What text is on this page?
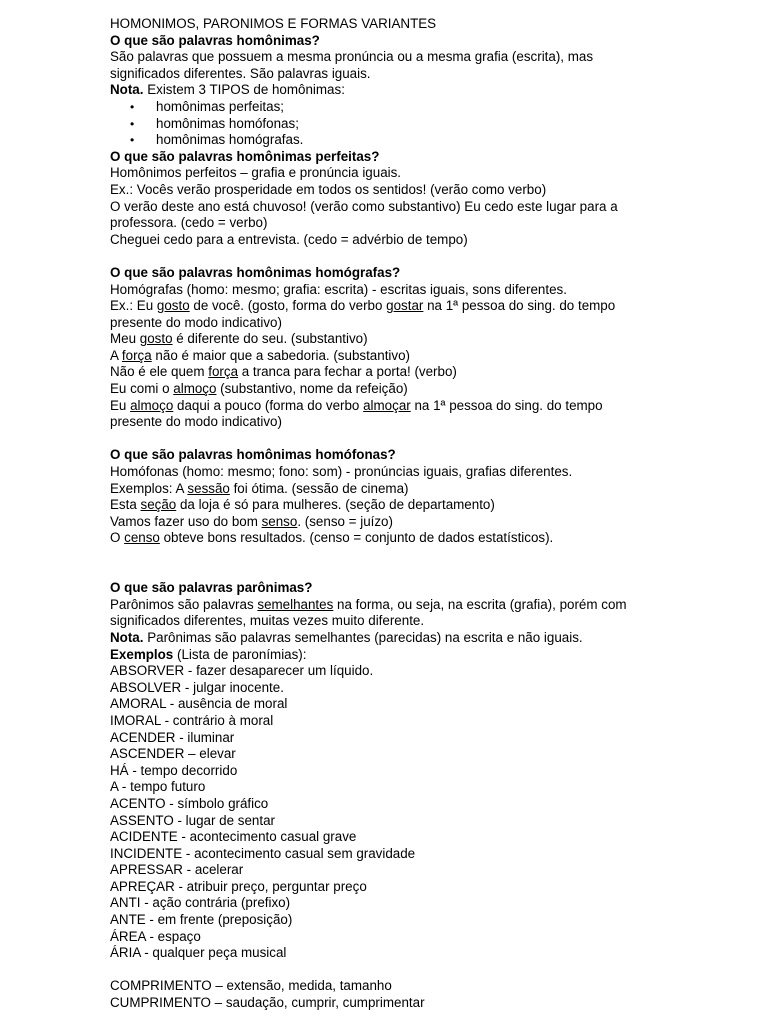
HOMONIMOS, PARONIMOS E FORMAS VARIANTES
O que são palavras homônimas?
São palavras que possuem a mesma pronúncia ou a mesma grafia (escrita), mas
significados diferentes. São palavras iguais.
Nota. Existem 3 TIPOS de homônimas:
• homônimas perfeitas;
• homônimas homófonas;
• homônimas homógrafas.
O que são palavras homônimas perfeitas?
Homônimos perfeitos – grafia e pronúncia iguais.
Ex.: Vocês verão prosperidade em todos os sentidos! (verão como verbo)
O verão deste ano está chuvoso! (verão como substantivo) Eu cedo este lugar para a
professora. (cedo = verbo)
Cheguei cedo para a entrevista. (cedo = advérbio de tempo)
O que são palavras homônimas homógrafas?
Homógrafas (homo: mesmo; grafia: escrita) - escritas iguais, sons diferentes.
Ex.: Eu gosto de você. (gosto, forma do verbo gostar na 1ª pessoa do sing. do tempo
presente do modo indicativo)
Meu gosto é diferente do seu. (substantivo)
A força não é maior que a sabedoria. (substantivo)
Não é ele quem força a tranca para fechar a porta! (verbo)
Eu comi o almoço (substantivo, nome da refeição)
Eu almoço daqui a pouco (forma do verbo almoçar na 1ª pessoa do sing. do tempo
presente do modo indicativo)
O que são palavras homônimas homófonas?
Homófonas (homo: mesmo; fono: som) - pronúncias iguais, grafias diferentes.
Exemplos: A sessão foi ótima. (sessão de cinema)
Esta seção da loja é só para mulheres. (seção de departamento)
Vamos fazer uso do bom senso. (senso = juízo)
O censo obteve bons resultados. (censo = conjunto de dados estatísticos).
O que são palavras parônimas?
Parônimos são palavras semelhantes na forma, ou seja, na escrita (grafia), porém com
significados diferentes, muitas vezes muito diferente.
Nota. Parônimas são palavras semelhantes (parecidas) na escrita e não iguais.
Exemplos (Lista de paronímias):
ABSORVER - fazer desaparecer um líquido.
ABSOLVER - julgar inocente.
AMORAL - ausência de moral
IMORAL - contrário à moral
ACENDER - iluminar
ASCENDER – elevar
HÁ - tempo decorrido
A - tempo futuro
ACENTO - símbolo gráfico
ASSENTO - lugar de sentar
ACIDENTE - acontecimento casual grave
INCIDENTE - acontecimento casual sem gravidade
APRESSAR - acelerar
APREÇAR - atribuir preço, perguntar preço
ANTI - ação contrária (prefixo)
ANTE - em frente (preposição)
ÁREA - espaço
ÁRIA - qualquer peça musical
COMPRIMENTO – extensão, medida, tamanho
CUMPRIMENTO – saudação, cumprir, cumprimentar
